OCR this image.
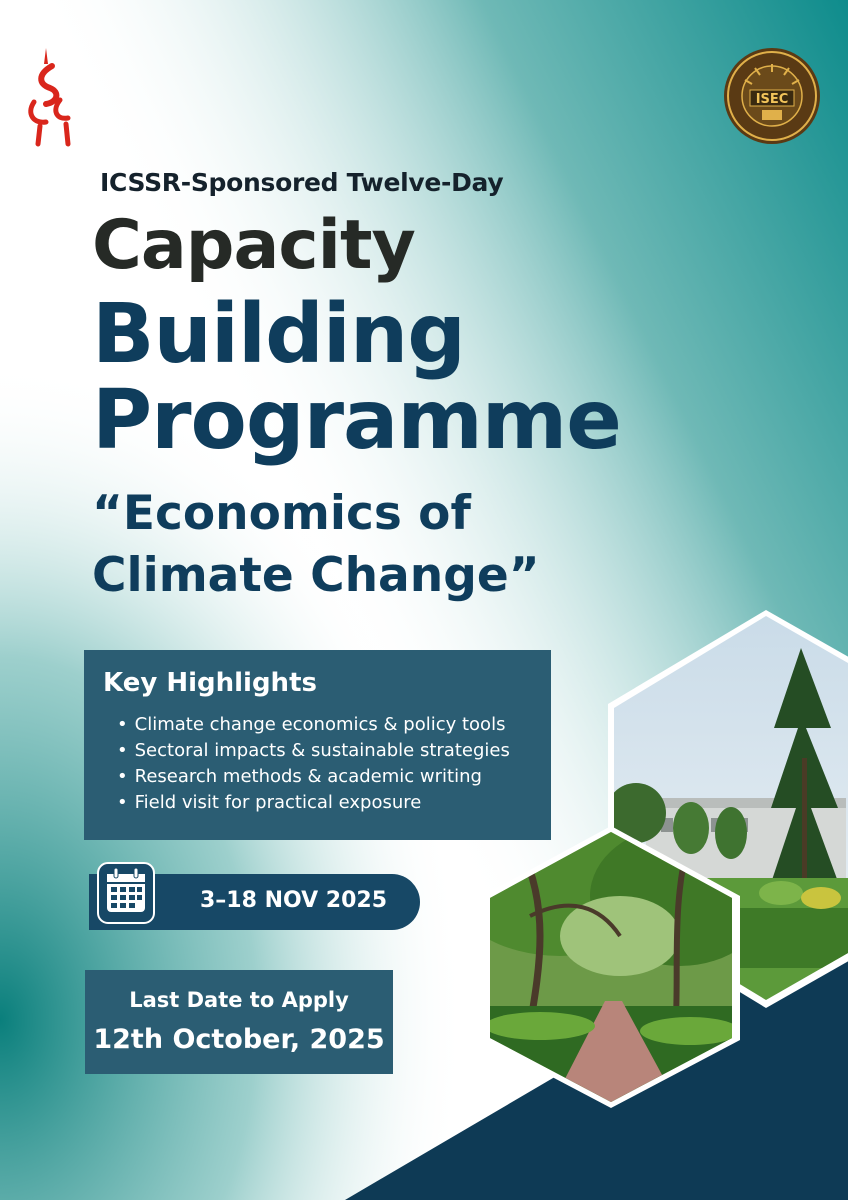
ISEC
ICSSR-Sponsored Twelve-Day
Capacity
Building
Programme
“Economics of
Climate Change”
Key Highlights
• Climate change economics & policy tools
• Sectoral impacts & sustainable strategies
• Research methods & academic writing
• Field visit for practical exposure
3–18 NOV 2025
Last Date to Apply
12th October, 2025
